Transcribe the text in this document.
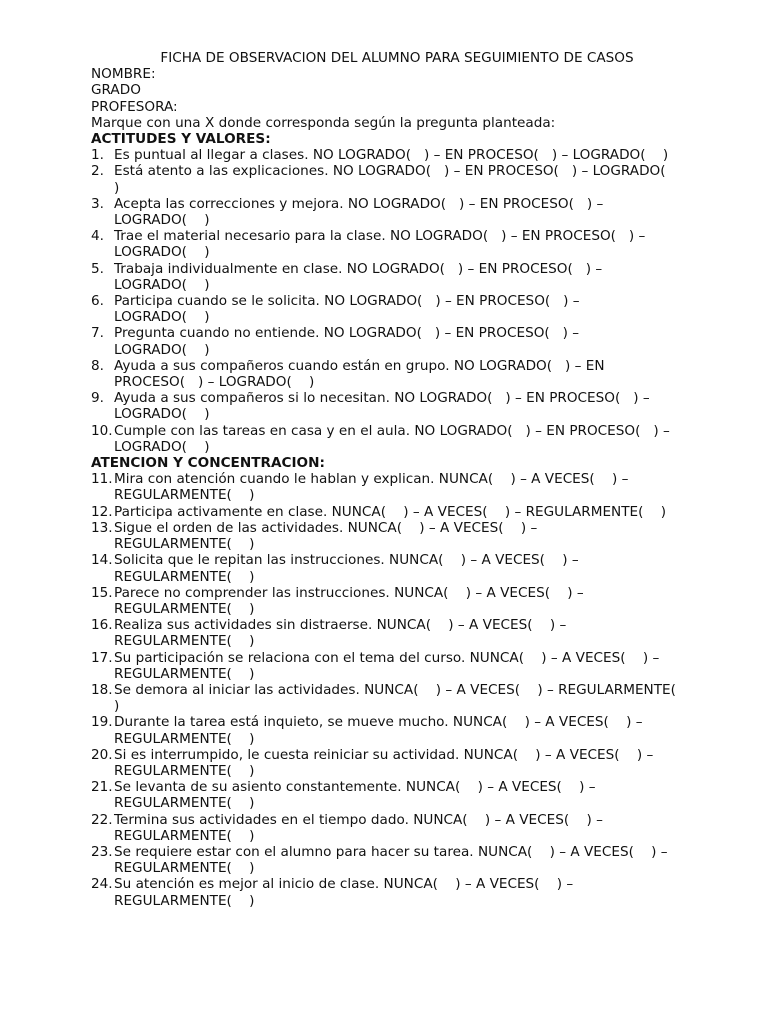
FICHA DE OBSERVACION DEL ALUMNO PARA SEGUIMIENTO DE CASOS
NOMBRE:
GRADO
PROFESORA:
Marque con una X donde corresponda según la pregunta planteada:
ACTITUDES Y VALORES:
1. Es puntual al llegar a clases. NO LOGRADO(   ) – EN PROCESO(   ) – LOGRADO(    )
2. Está atento a las explicaciones. NO LOGRADO(   ) – EN PROCESO(   ) – LOGRADO(
)
3. Acepta las correcciones y mejora. NO LOGRADO(   ) – EN PROCESO(   ) –
LOGRADO(    )
4. Trae el material necesario para la clase. NO LOGRADO(   ) – EN PROCESO(   ) –
LOGRADO(    )
5. Trabaja individualmente en clase. NO LOGRADO(   ) – EN PROCESO(   ) –
LOGRADO(    )
6. Participa cuando se le solicita. NO LOGRADO(   ) – EN PROCESO(   ) –
LOGRADO(    )
7. Pregunta cuando no entiende. NO LOGRADO(   ) – EN PROCESO(   ) –
LOGRADO(    )
8. Ayuda a sus compañeros cuando están en grupo. NO LOGRADO(   ) – EN
PROCESO(   ) – LOGRADO(    )
9. Ayuda a sus compañeros si lo necesitan. NO LOGRADO(   ) – EN PROCESO(   ) –
LOGRADO(    )
10. Cumple con las tareas en casa y en el aula. NO LOGRADO(   ) – EN PROCESO(   ) –
LOGRADO(    )
ATENCION Y CONCENTRACION:
11. Mira con atención cuando le hablan y explican. NUNCA(    ) – A VECES(    ) –
REGULARMENTE(    )
12. Participa activamente en clase. NUNCA(    ) – A VECES(    ) – REGULARMENTE(    )
13. Sigue el orden de las actividades. NUNCA(    ) – A VECES(    ) –
REGULARMENTE(    )
14. Solicita que le repitan las instrucciones. NUNCA(    ) – A VECES(    ) –
REGULARMENTE(    )
15. Parece no comprender las instrucciones. NUNCA(    ) – A VECES(    ) –
REGULARMENTE(    )
16. Realiza sus actividades sin distraerse. NUNCA(    ) – A VECES(    ) –
REGULARMENTE(    )
17. Su participación se relaciona con el tema del curso. NUNCA(    ) – A VECES(    ) –
REGULARMENTE(    )
18. Se demora al iniciar las actividades. NUNCA(    ) – A VECES(    ) – REGULARMENTE(
)
19. Durante la tarea está inquieto, se mueve mucho. NUNCA(    ) – A VECES(    ) –
REGULARMENTE(    )
20. Si es interrumpido, le cuesta reiniciar su actividad. NUNCA(    ) – A VECES(    ) –
REGULARMENTE(    )
21. Se levanta de su asiento constantemente. NUNCA(    ) – A VECES(    ) –
REGULARMENTE(    )
22. Termina sus actividades en el tiempo dado. NUNCA(    ) – A VECES(    ) –
REGULARMENTE(    )
23. Se requiere estar con el alumno para hacer su tarea. NUNCA(    ) – A VECES(    ) –
REGULARMENTE(    )
24. Su atención es mejor al inicio de clase. NUNCA(    ) – A VECES(    ) –
REGULARMENTE(    )
